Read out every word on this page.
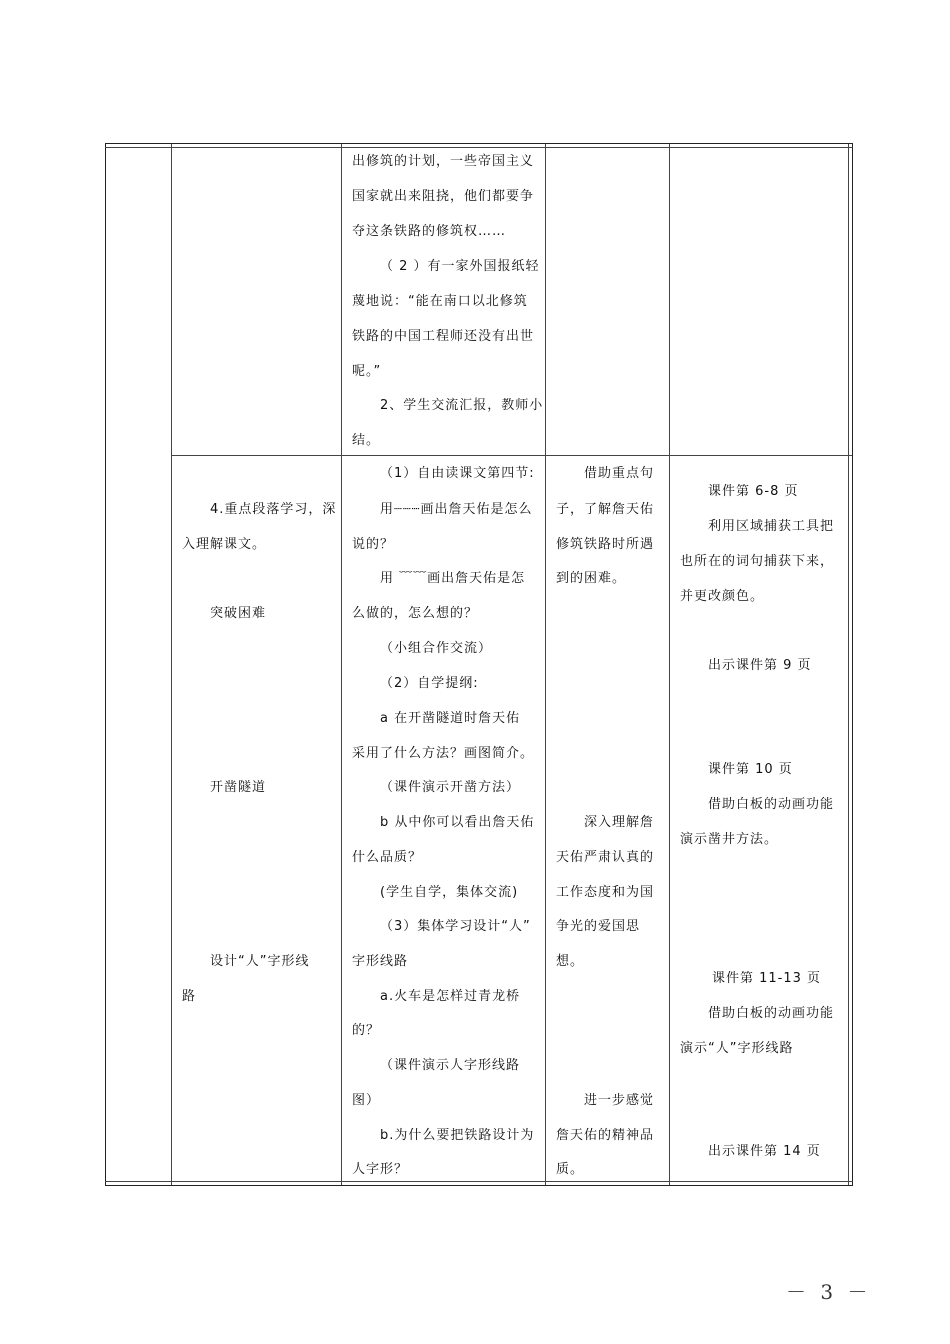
出修筑的计划，一些帝国主义
国家就出来阻挠，他们都要争
夺这条铁路的修筑权……
（ 2 ）有一家外国报纸轻
蔑地说：“能在南口以北修筑
铁路的中国工程师还没有出世
呢。”
2、学生交流汇报，教师小
结。
4.重点段落学习，深
入理解课文。
突破困难
开凿隧道
设计“人”字形线
路
（1）自由读课文第四节:
用┈┈┈画出詹天佑是怎么
说的？
用 ﹋﹋画出詹天佑是怎
么做的，怎么想的？
（小组合作交流）
（2）自学提纲:
a 在开凿隧道时詹天佑
采用了什么方法？画图简介。
（课件演示开凿方法）
b 从中你可以看出詹天佑
什么品质？
(学生自学，集体交流)
（3）集体学习设计“人”
字形线路
a.火车是怎样过青龙桥
的？
（课件演示人字形线路
图）
b.为什么要把铁路设计为
人字形？
借助重点句
子，了解詹天佑
修筑铁路时所遇
到的困难。
深入理解詹
天佑严肃认真的
工作态度和为国
争光的爱国思
想。
进一步感觉
詹天佑的精神品
质。
课件第 6-8 页
利用区域捕获工具把
也所在的词句捕获下来，
并更改颜色。
出示课件第 9 页
课件第 10 页
借助白板的动画功能
演示凿井方法。
课件第 11-13 页
借助白板的动画功能
演示“人”字形线路
出示课件第 14 页
－ 3 －
